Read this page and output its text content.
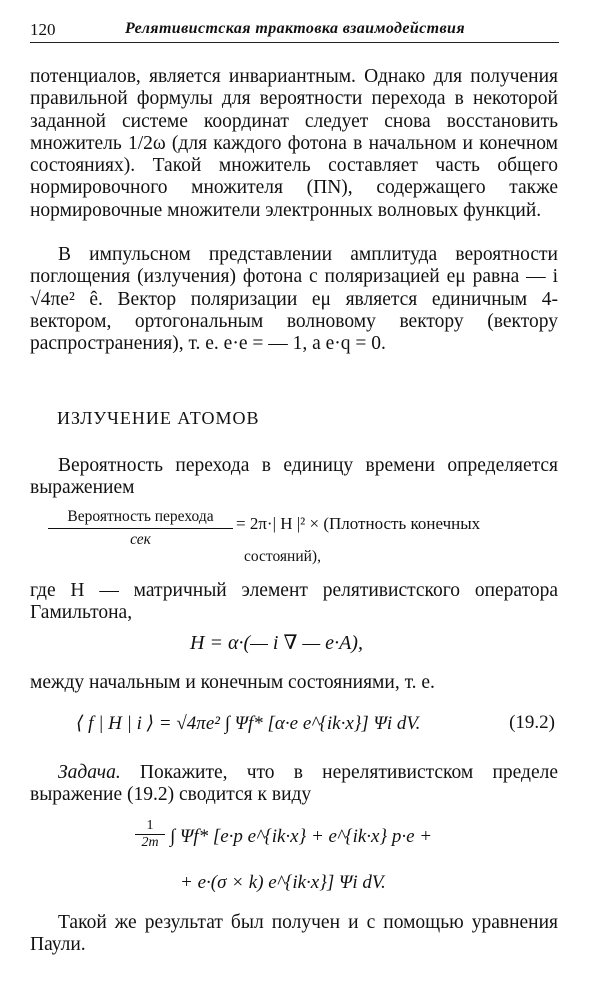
120	Релятивистская трактовка взаимодействия

потенциалов, является инвариантным. Однако для получения правильной формулы для вероятности перехода в некоторой заданной системе координат следует снова восстановить множитель 1/2ω (для каждого фотона в начальном и конечном состояниях). Такой множитель составляет часть общего нормировочного множителя (ΠN), содержащего также нормировочные множители электронных волновых функций.

В импульсном представлении амплитуда вероятности поглощения (излучения) фотона с поляризацией eμ равна — i √4πe² ê. Вектор поляризации eμ является единичным 4-вектором, ортогональным волновому вектору (вектору распространения), т. е. e·e = — 1, а e·q = 0.

ИЗЛУЧЕНИЕ АТОМОВ

Вероятность перехода в единицу времени определяется выражением

Вероятность перехода
сек
= 2π·| H |² × (Плотность конечных
состояний),

где H — матричный элемент релятивистского оператора Гамильтона,

H = α·(— i ∇ — e·A),

между начальным и конечным состояниями, т. е.

⟨ f | H | i ⟩ = √4πe² ∫ Ψf* [α·e e^{ik·x}] Ψi dV.	(19.2)

Задача. Покажите, что в нерелятивистском пределе выражение (19.2) сводится к виду

$\frac{1}{2m}$ ∫ Ψf* [e·p e^{ik·x} + e^{ik·x} p·e +
+ e·(σ × k) e^{ik·x}] Ψi dV.

Такой же результат был получен и с помощью уравнения Паули.
